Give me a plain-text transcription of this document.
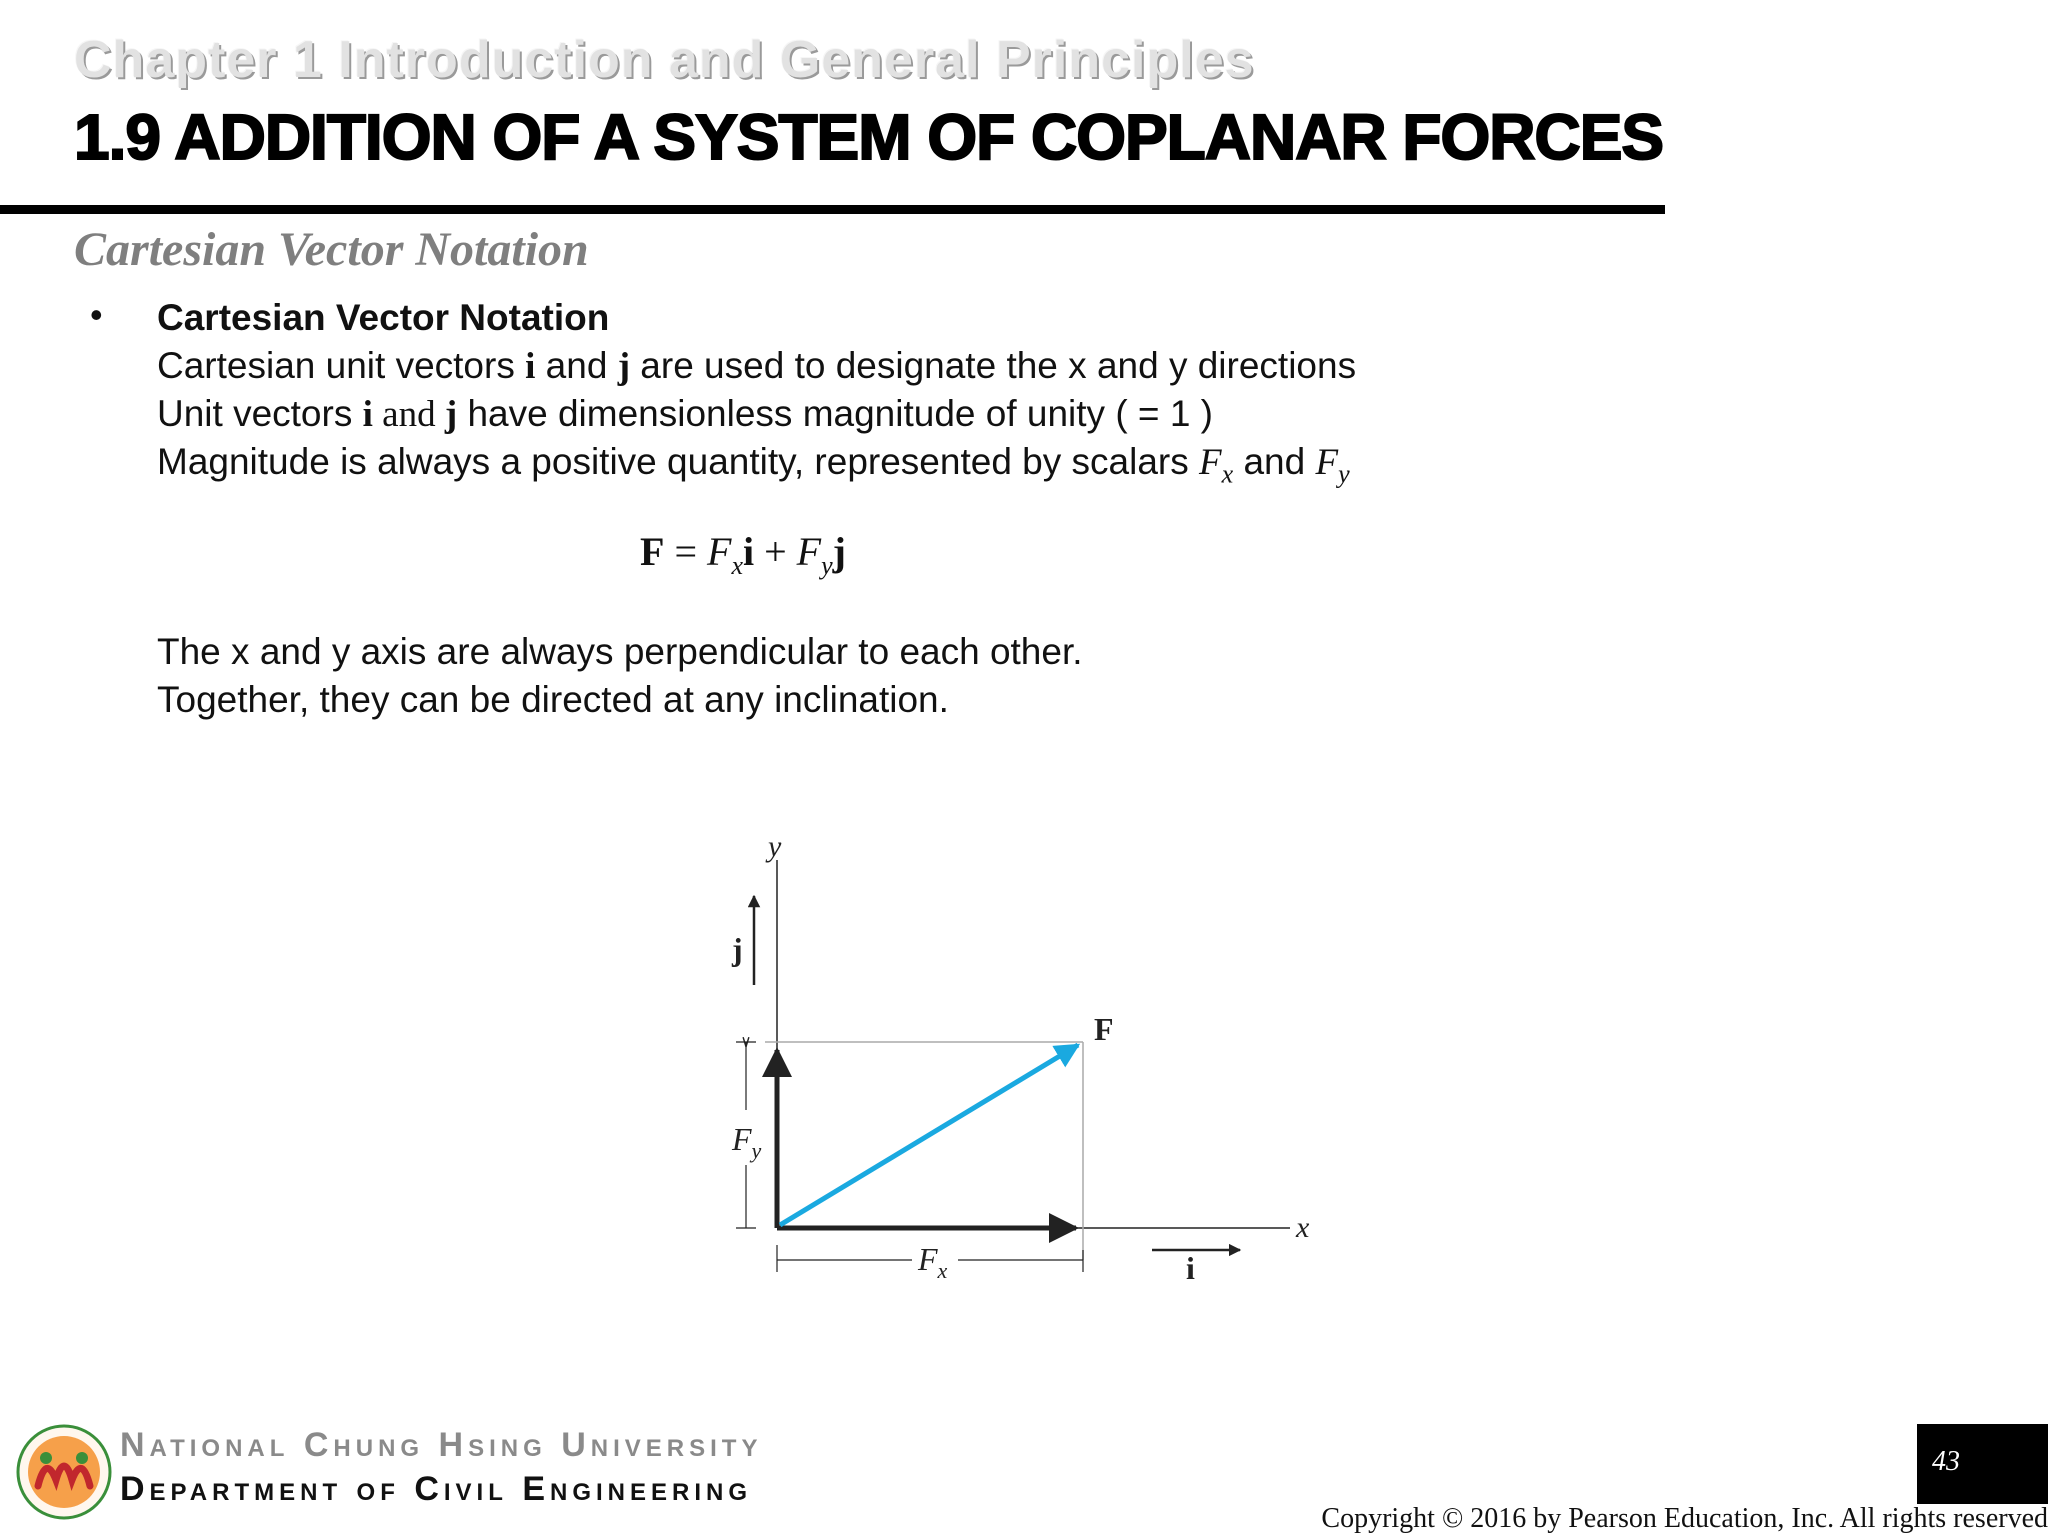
Chapter 1 Introduction and General Principles
1.9 ADDITION OF A SYSTEM OF COPLANAR FORCES
Cartesian Vector Notation
• Cartesian Vector Notation
Cartesian unit vectors i and j are used to designate the x and y directions
Unit vectors i and j have dimensionless magnitude of unity ( = 1 )
Magnitude is always a positive quantity, represented by scalars $F_x$ and $F_y$
$F = F_xi + F_yj$
The x and y axis are always perpendicular to each other.
Together, they can be directed at any inclination.
y
x
j
i
F
$F_y$
$F_x$
National Chung Hsing University
Department of Civil Engineering
43
Copyright © 2016 by Pearson Education, Inc. All rights reserved
